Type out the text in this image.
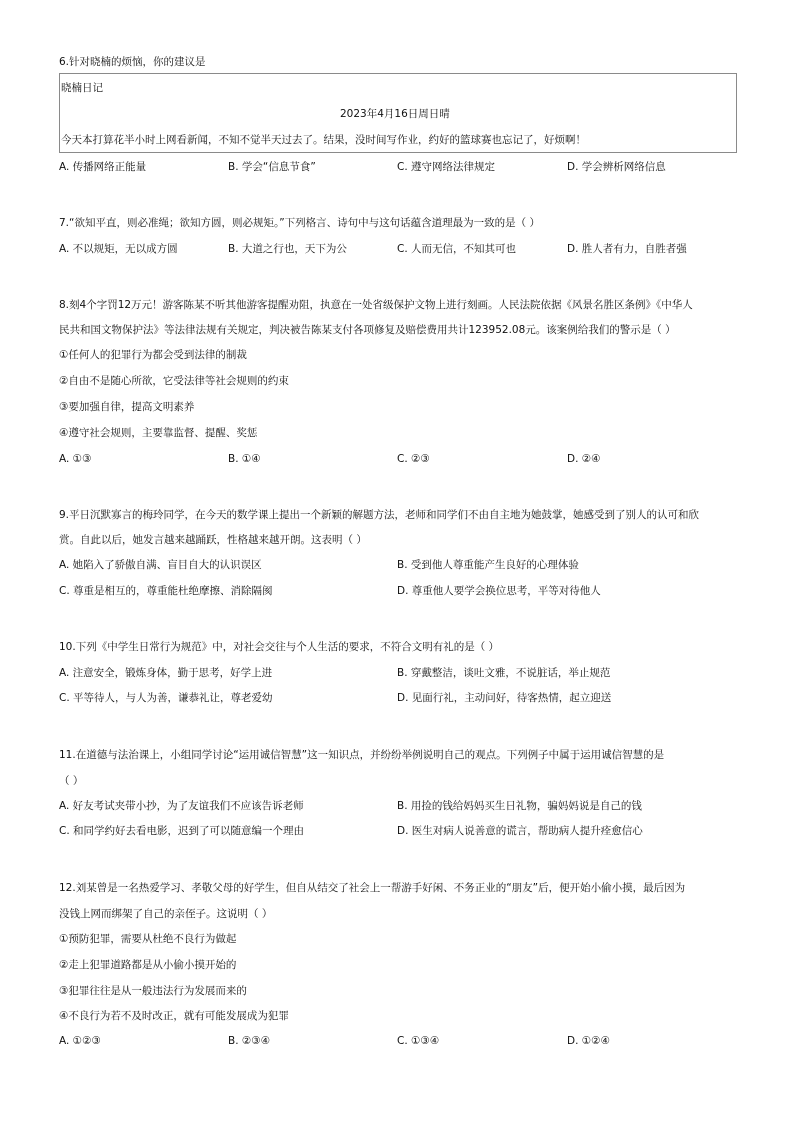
6.针对晓楠的烦恼，你的建议是
晓楠日记
2023年4月16日周日晴
今天本打算花半小时上网看新闻，不知不觉半天过去了。结果，没时间写作业，约好的篮球赛也忘记了，好烦啊！
A. 传播网络正能量	B. 学会“信息节食”	C. 遵守网络法律规定	D. 学会辨析网络信息
7.“欲知平直，则必准绳；欲知方圆，则必规矩。”下列格言、诗句中与这句话蕴含道理最为一致的是（ ）
A. 不以规矩，无以成方圆	B. 大道之行也，天下为公	C. 人而无信，不知其可也	D. 胜人者有力，自胜者强
8.刻4个字罚12万元！游客陈某不听其他游客提醒劝阻，执意在一处省级保护文物上进行刻画。人民法院依据《风景名胜区条例》《中华人
民共和国文物保护法》等法律法规有关规定，判决被告陈某支付各项修复及赔偿费用共计123952.08元。该案例给我们的警示是（ ）
①任何人的犯罪行为都会受到法律的制裁
②自由不是随心所欲，它受法律等社会规则的约束
③要加强自律，提高文明素养
④遵守社会规则，主要靠监督、提醒、奖惩
A. ①③	B. ①④	C. ②③	D. ②④
9.平日沉默寡言的梅玲同学，在今天的数学课上提出一个新颖的解题方法，老师和同学们不由自主地为她鼓掌，她感受到了别人的认可和欣
赏。自此以后，她发言越来越踊跃，性格越来越开朗。这表明（ ）
A. 她陷入了骄傲自满、盲目自大的认识误区	B. 受到他人尊重能产生良好的心理体验
C. 尊重是相互的，尊重能杜绝摩擦、消除隔阂	D. 尊重他人要学会换位思考，平等对待他人
10.下列《中学生日常行为规范》中，对社会交往与个人生活的要求，不符合文明有礼的是（ ）
A. 注意安全，锻炼身体，勤于思考，好学上进	B. 穿戴整洁，谈吐文雅，不说脏话，举止规范
C. 平等待人，与人为善，谦恭礼让，尊老爱幼	D. 见面行礼，主动问好，待客热情，起立迎送
11.在道德与法治课上，小组同学讨论“运用诚信智慧”这一知识点，并纷纷举例说明自己的观点。下列例子中属于运用诚信智慧的是
（ ）
A. 好友考试夹带小抄，为了友谊我们不应该告诉老师	B. 用捡的钱给妈妈买生日礼物，骗妈妈说是自己的钱
C. 和同学约好去看电影，迟到了可以随意编一个理由	D. 医生对病人说善意的谎言，帮助病人提升痊愈信心
12.刘某曾是一名热爱学习、孝敬父母的好学生，但自从结交了社会上一帮游手好闲、不务正业的“朋友”后，便开始小偷小摸，最后因为
没钱上网而绑架了自己的亲侄子。这说明（ ）
①预防犯罪，需要从杜绝不良行为做起
②走上犯罪道路都是从小偷小摸开始的
③犯罪往往是从一般违法行为发展而来的
④不良行为若不及时改正，就有可能发展成为犯罪
A. ①②③	B. ②③④	C. ①③④	D. ①②④
